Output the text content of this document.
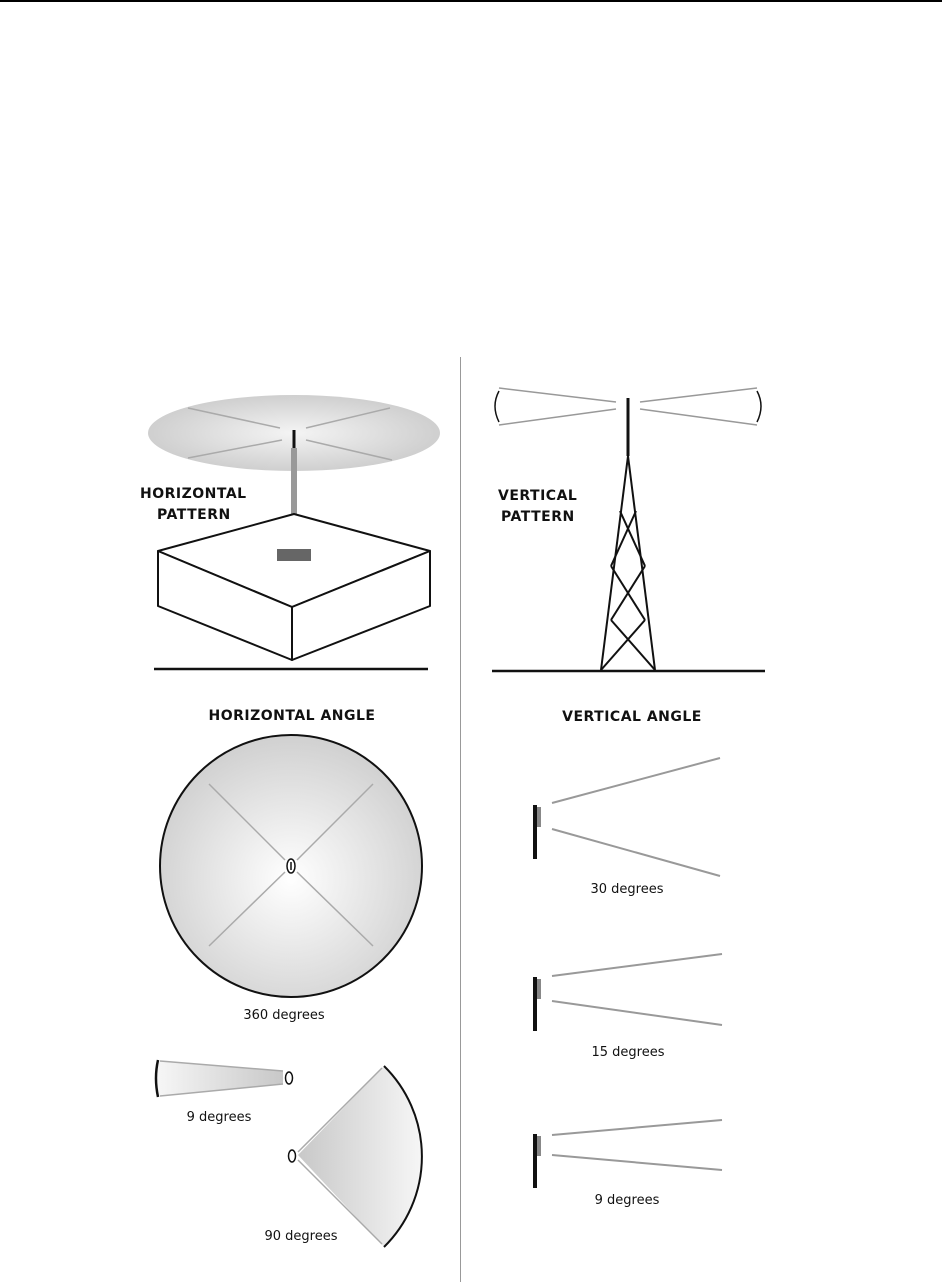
HORIZONTAL
PATTERN
VERTICAL
PATTERN
HORIZONTAL ANGLE
360 degrees
9 degrees
90 degrees
VERTICAL ANGLE
30 degrees
15 degrees
9 degrees
